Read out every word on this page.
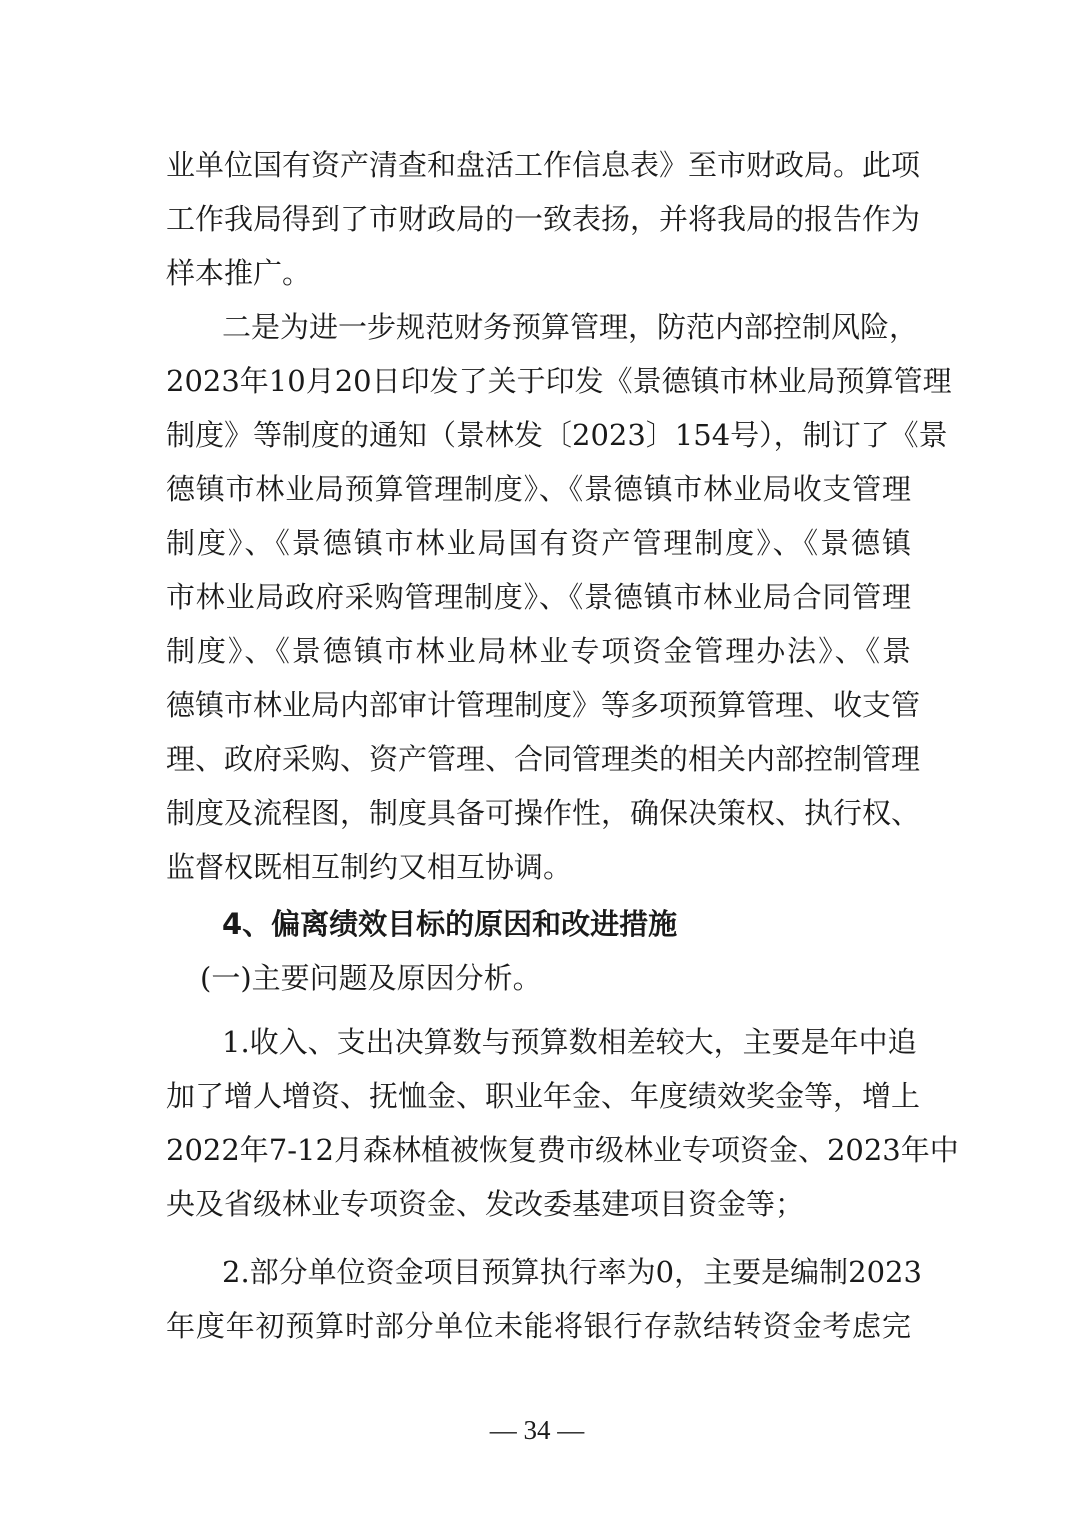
业单位国有资产清查和盘活工作信息表》至市财政局。此项
工作我局得到了市财政局的一致表扬，并将我局的报告作为
样本推广。
二是为进一步规范财务预算管理，防范内部控制风险，
2023年10月20日印发了关于印发《景德镇市林业局预算管理
制度》等制度的通知（景林发〔2023〕154号），制订了《景
德镇市林业局预算管理制度》、《景德镇市林业局收支管理
制度》、《景德镇市林业局国有资产管理制度》、《景德镇
市林业局政府采购管理制度》、《景德镇市林业局合同管理
制度》、《景德镇市林业局林业专项资金管理办法》、《景
德镇市林业局内部审计管理制度》等多项预算管理、收支管
理、政府采购、资产管理、合同管理类的相关内部控制管理
制度及流程图，制度具备可操作性，确保决策权、执行权、
监督权既相互制约又相互协调。
4、偏离绩效目标的原因和改进措施
(一)主要问题及原因分析。
1.收入、支出决算数与预算数相差较大，主要是年中追
加了增人增资、抚恤金、职业年金、年度绩效奖金等，增上
2022年7-12月森林植被恢复费市级林业专项资金、2023年中
央及省级林业专项资金、发改委基建项目资金等；
2.部分单位资金项目预算执行率为0，主要是编制2023
年度年初预算时部分单位未能将银行存款结转资金考虑完
— 34 —
